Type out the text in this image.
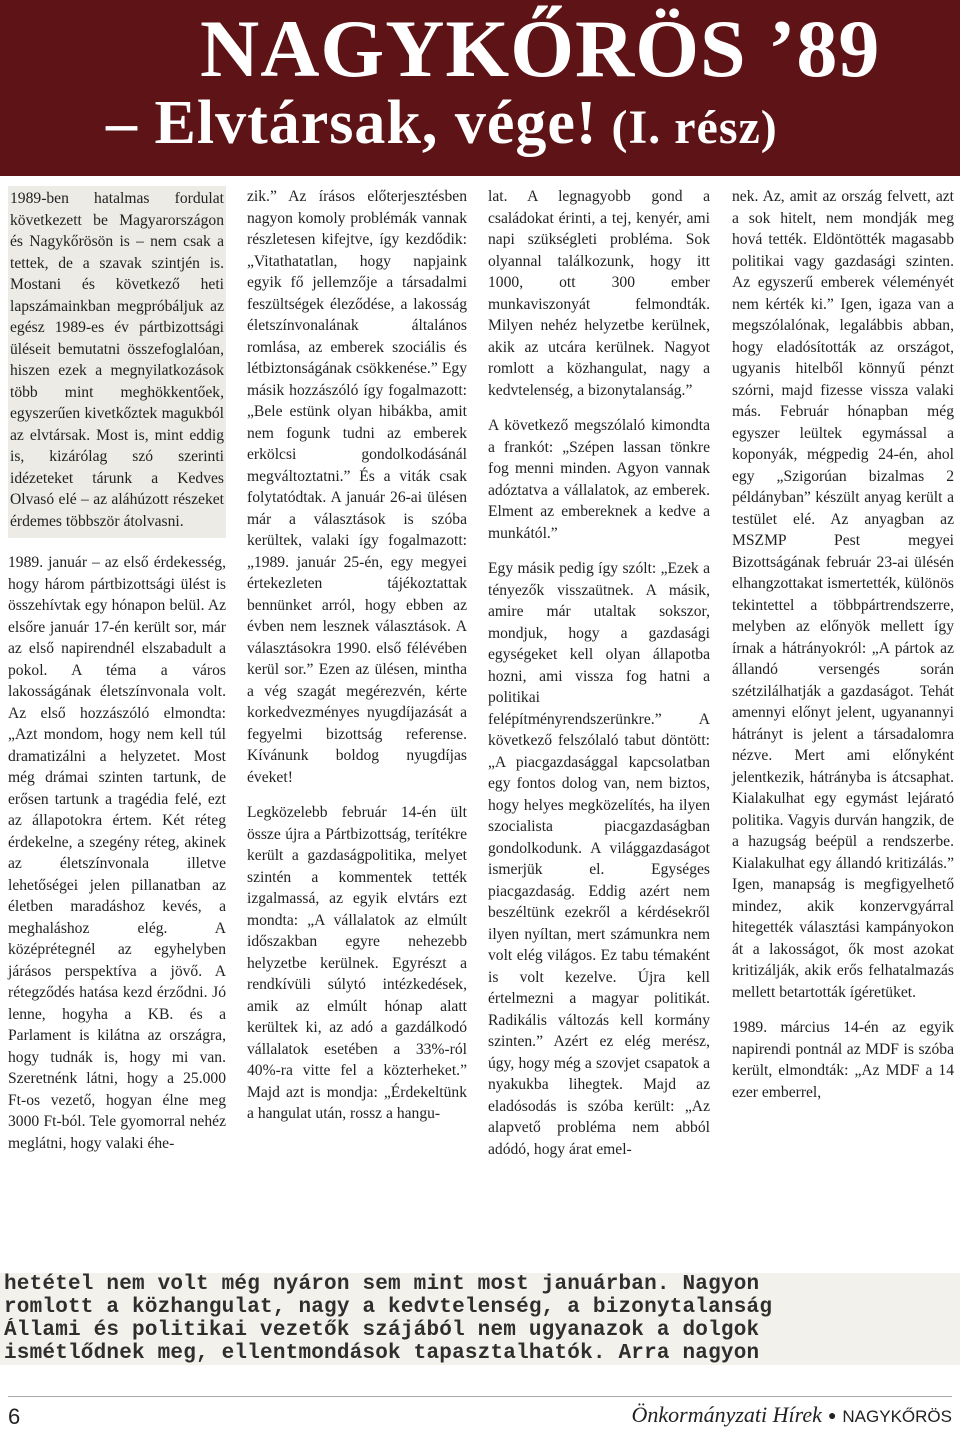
NAGYKŐRÖS ’89
– Elvtársak, vége! (I. rész)

1989-ben hatalmas fordulat következett be Magyarországon és Nagykőrösön is – nem csak a tettek, de a szavak szintjén is. Mostani és következő heti lapszámainkban megpróbáljuk az egész 1989-es év pártbizottsági üléseit bemutatni összefoglalóan, hiszen ezek a megnyilatkozások több mint meghökkentőek, egyszerűen kivetkőztek magukból az elvtársak. Most is, mint eddig is, kizárólag szó szerinti idézeteket tárunk a Kedves Olvasó elé – az aláhúzott részeket érdemes többször átolvasni.

1989. január – az első érdekesség, hogy három pártbizottsági ülést is összehívtak egy hónapon belül. Az elsőre január 17-én került sor, már az első napirendnél elszabadult a pokol. A téma a város lakosságának életszínvonala volt. Az első hozzászóló elmondta: „Azt mondom, hogy nem kell túl dramatizálni a helyzetet. Most még drámai szinten tartunk, de erősen tartunk a tragédia felé, ezt az állapotokra értem. Két réteg érdekelne, a szegény réteg, akinek az életszínvonala illetve lehetőségei jelen pillanatban az életben maradáshoz kevés, a meghaláshoz elég. A középrétegnél az egyhelyben járásos perspektíva a jövő. A rétegződés hatása kezd érződni. Jó lenne, hogyha a KB. és a Parlament is kilátna az országra, hogy tudnák is, hogy mi van. Szeretnénk látni, hogy a 25.000 Ft-os vezető, hogyan élne meg 3000 Ft-ból. Tele gyomorral nehéz meglátni, hogy valaki éhe-

zik.” Az írásos előterjesztésben nagyon komoly problémák vannak részletesen kifejtve, így kezdődik: „Vitathatatlan, hogy napjaink egyik fő jellemzője a társadalmi feszültségek éleződése, a lakosság életszínvonalának általános romlása, az emberek szociális és létbiztonságának csökkenése.” Egy másik hozzászóló így fogalmazott: „Bele estünk olyan hibákba, amit nem fogunk tudni az emberek erkölcsi gondolkodásánál megváltoztatni.” És a viták csak folytatódtak. A január 26-ai ülésen már a választások is szóba kerültek, valaki így fogalmazott: „1989. január 25-én, egy megyei értekezleten tájékoztattak bennünket arról, hogy ebben az évben nem lesznek választások. A választásokra 1990. első félévében kerül sor.” Ezen az ülésen, mintha a vég szagát megérezvén, kérte korkedvezményes nyugdíjazását a fegyelmi bizottság referense. Kívánunk boldog nyugdíjas éveket!

Legközelebb február 14-én ült össze újra a Pártbizottság, terítékre került a gazdaságpolitika, melyet szintén a kommentek tették izgalmassá, az egyik elvtárs ezt mondta: „A vállalatok az elmúlt időszakban egyre nehezebb helyzetbe kerülnek. Egyrészt a rendkívüli súlytó intézkedések, amik az elmúlt hónap alatt kerültek ki, az adó a gazdálkodó vállalatok esetében a 33%-ról 40%-ra vitte fel a közterheket.” Majd azt is mondja: „Érdekeltünk a hangulat után, rossz a hangu-

lat. A legnagyobb gond a családokat érinti, a tej, kenyér, ami napi szükségleti probléma. Sok olyannal találkozunk, hogy itt 1000, ott 300 ember munkaviszonyát felmondták. Milyen nehéz helyzetbe kerülnek, akik az utcára kerülnek. Nagyot romlott a közhangulat, nagy a kedvtelenség, a bizonytalanság.”

A következő megszólaló kimondta a frankót: „Szépen lassan tönkre fog menni minden. Agyon vannak adóztatva a vállalatok, az emberek. Elment az embereknek a kedve a munkától.”

Egy másik pedig így szólt: „Ezek a tényezők visszaütnek. A másik, amire már utaltak sokszor, mondjuk, hogy a gazdasági egységeket kell olyan állapotba hozni, ami vissza fog hatni a politikai felépítményrendszerünkre.” A következő felszólaló tabut döntött: „A piacgazdasággal kapcsolatban egy fontos dolog van, nem biztos, hogy helyes megközelítés, ha ilyen szocialista piacgazdaságban gondolkodunk. A világgazdaságot ismerjük el. Egységes piacgazdaság. Eddig azért nem beszéltünk ezekről a kérdésekről ilyen nyíltan, mert számunkra nem volt elég világos. Ez tabu témaként is volt kezelve. Újra kell értelmezni a magyar politikát. Radikális változás kell kormány szinten.” Azért ez elég merész, úgy, hogy még a szovjet csapatok a nyakukba lihegtek. Majd az eladósodás is szóba került: „Az alapvető probléma nem abból adódó, hogy árat emel-

nek. Az, amit az ország felvett, azt a sok hitelt, nem mondják meg hová tették. Eldöntötték magasabb politikai vagy gazdasági szinten. Az egyszerű emberek véleményét nem kérték ki.” Igen, igaza van a megszólalónak, legalábbis abban, hogy eladósították az országot, ugyanis hitelből könnyű pénzt szórni, majd fizesse vissza valaki más. Február hónapban még egyszer leültek egymással a koponyák, mégpedig 24-én, ahol egy „Szigorúan bizalmas 2 példányban” készült anyag került a testület elé. Az anyagban az MSZMP Pest megyei Bizottságának február 23-ai ülésén elhangzottakat ismertették, különös tekintettel a többpártrendszerre, melyben az előnyök mellett így írnak a hátrányokról: „A pártok az állandó versengés során szétzilálhatják a gazdaságot. Tehát amennyi előnyt jelent, ugyanannyi hátrányt is jelent a társadalomra nézve. Mert ami előnyként jelentkezik, hátrányba is átcsaphat. Kialakulhat egy egymást lejárató politika. Vagyis durván hangzik, de a hazugság beépül a rendszerbe. Kialakulhat egy állandó kritizálás.” Igen, manapság is megfigyelhető mindez, akik konzervgyárral hitegették választási kampányokon át a lakosságot, ők most azokat kritizálják, akik erős felhatalmazás mellett betartották ígéretüket.

1989. március 14-én az egyik napirendi pontnál az MDF is szóba került, elmondták: „Az MDF a 14 ezer emberrel,

hetétel nem volt még nyáron sem mint most januárban. Nagyon
romlott a közhangulat, nagy a kedvtelenség, a bizonytalanság
Állami és politikai vezetők szájából nem ugyanazok a dolgok
ismétlődnek meg, ellentmondások tapasztalhatók. Arra nagyon
6	Önkormányzati Hírek ● NAGYKŐRÖS
